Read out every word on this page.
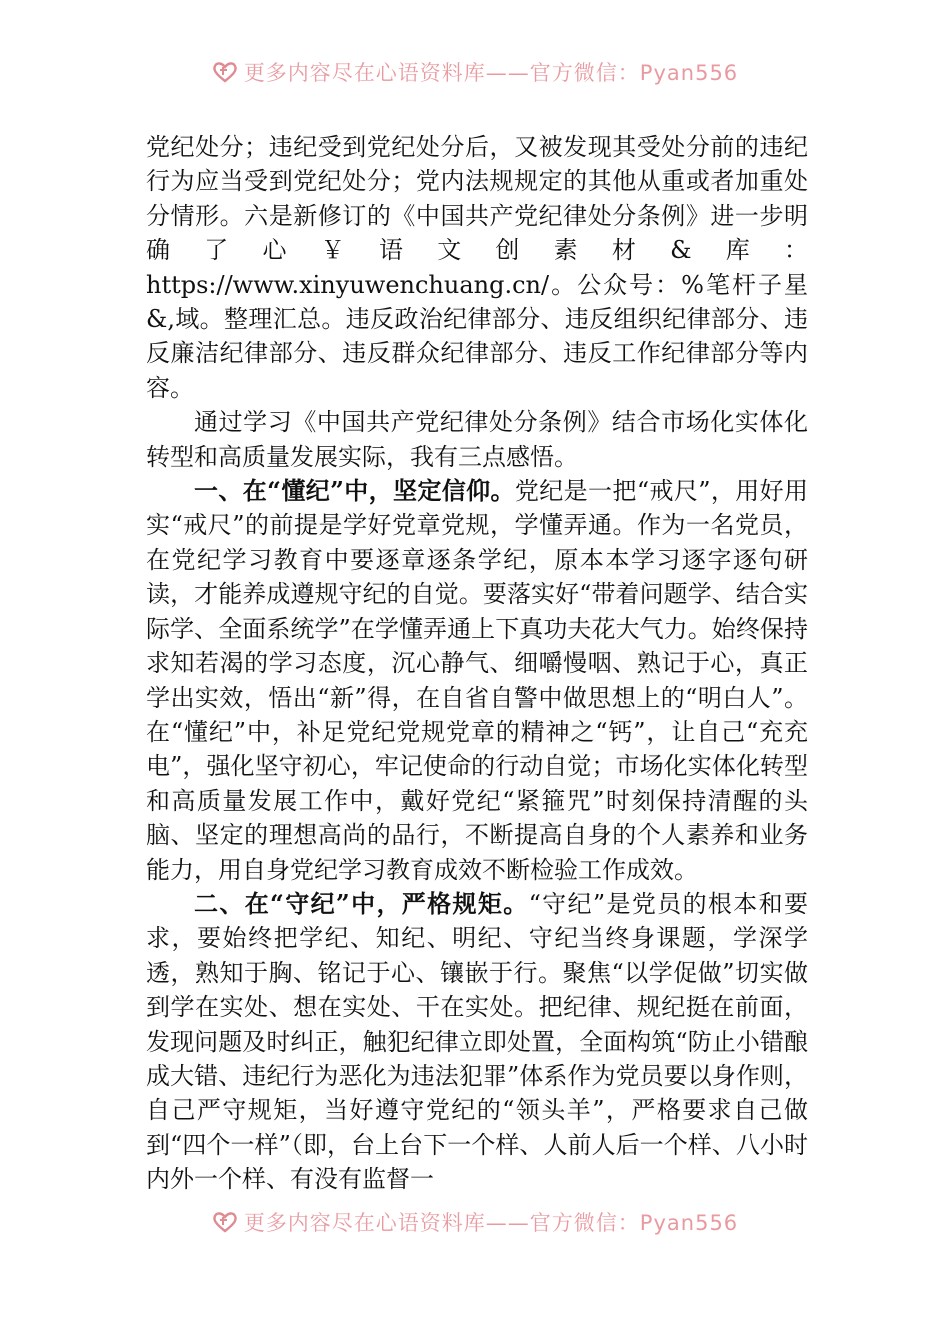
更多内容尽在心语资料库——官方微信：Pyan556

党纪处分；违纪受到党纪处分后，又被发现其受处分前的违纪行为应当受到党纪处分；党内法规规定的其他从重或者加重处分情形。六是新修订的《中国共产党纪律处分条例》进一步明确了心￥语文创素材&库：https://www.xinyuwenchuang.cn/。公众号：%笔杆子星&,域。整理汇总。违反政治纪律部分、违反组织纪律部分、违反廉洁纪律部分、违反群众纪律部分、违反工作纪律部分等内容。

通过学习《中国共产党纪律处分条例》结合市场化实体化转型和高质量发展实际，我有三点感悟。

一、在“懂纪”中，坚定信仰。党纪是一把“戒尺”，用好用实“戒尺”的前提是学好党章党规，学懂弄通。作为一名党员，在党纪学习教育中要逐章逐条学纪，原本本学习逐字逐句研读，才能养成遵规守纪的自觉。要落实好“带着问题学、结合实际学、全面系统学”在学懂弄通上下真功夫花大气力。始终保持求知若渴的学习态度，沉心静气、细嚼慢咽、熟记于心，真正学出实效，悟出“新”得，在自省自警中做思想上的“明白人”。在“懂纪”中，补足党纪党规党章的精神之“钙”，让自己“充充电”，强化坚守初心，牢记使命的行动自觉；市场化实体化转型和高质量发展工作中，戴好党纪“紧箍咒”时刻保持清醒的头脑、坚定的理想高尚的品行，不断提高自身的个人素养和业务能力，用自身党纪学习教育成效不断检验工作成效。

二、在“守纪”中，严格规矩。“守纪”是党员的根本和要求，要始终把学纪、知纪、明纪、守纪当终身课题，学深学透，熟知于胸、铭记于心、镶嵌于行。聚焦“以学促做”切实做到学在实处、想在实处、干在实处。把纪律、规纪挺在前面，发现问题及时纠正，触犯纪律立即处置，全面构筑“防止小错酿成大错、违纪行为恶化为违法犯罪”体系作为党员要以身作则，自己严守规矩，当好遵守党纪的“领头羊”，严格要求自己做到“四个一样”（即，台上台下一个样、人前人后一个样、八小时内外一个样、有没有监督一

更多内容尽在心语资料库——官方微信：Pyan556
